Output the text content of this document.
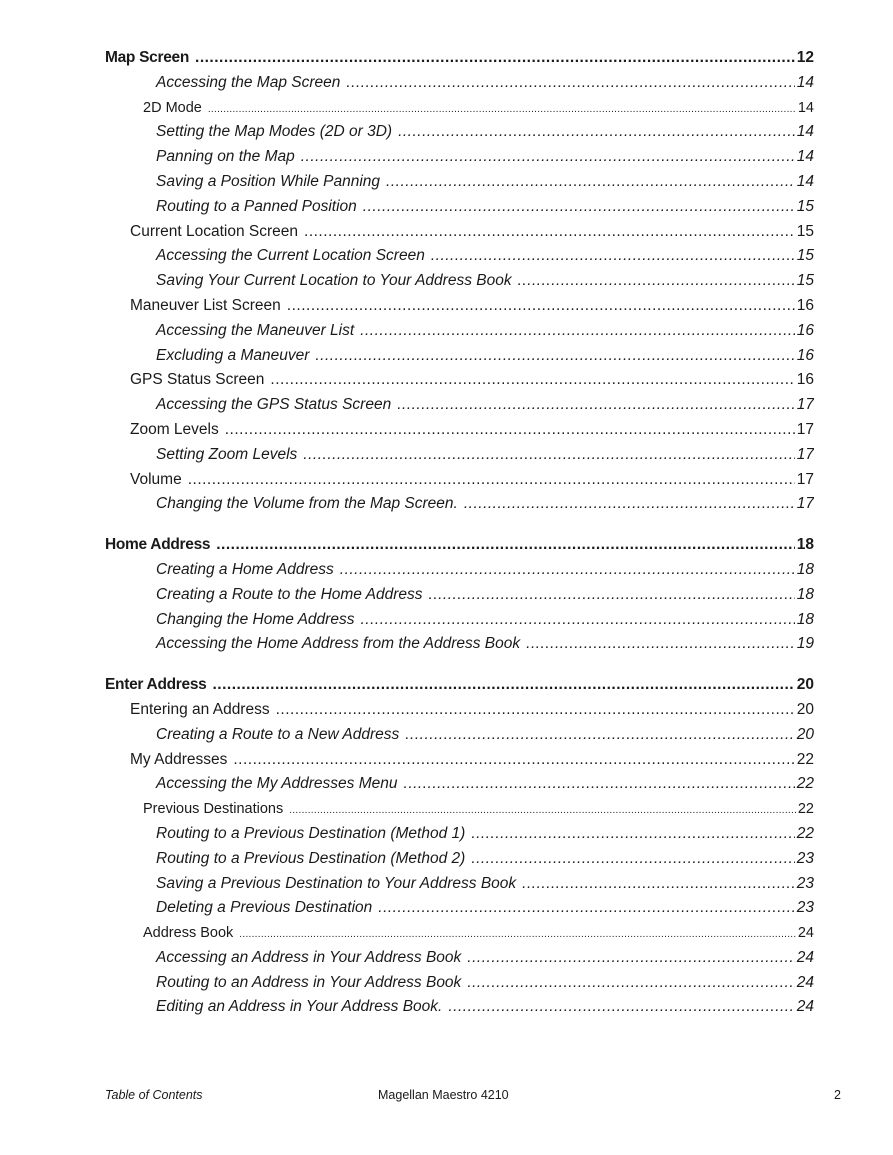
Map Screen .....	12
Accessing the Map Screen .....	14
2D Mode .....	14
Setting the Map Modes (2D or 3D) .....	14
Panning on the Map .....	14
Saving a Position While Panning .....	14
Routing to a Panned Position .....	15
Current Location Screen .....	15
Accessing the Current Location Screen .....	15
Saving Your Current Location to Your Address Book .....	15
Maneuver List Screen .....	16
Accessing the Maneuver List .....	16
Excluding a Maneuver .....	16
GPS Status Screen .....	16
Accessing the GPS Status Screen .....	17
Zoom Levels .....	17
Setting Zoom Levels .....	17
Volume .....	17
Changing the Volume from the Map Screen. .....	17
Home Address .....	18
Creating a Home Address .....	18
Creating a Route to the Home Address .....	18
Changing the Home Address .....	18
Accessing the Home Address from the Address Book .....	19
Enter Address .....	20
Entering an Address .....	20
Creating a Route to a New Address .....	20
My Addresses .....	22
Accessing the My Addresses Menu .....	22
Previous Destinations .....	22
Routing to a Previous Destination (Method 1) .....	22
Routing to a Previous Destination (Method 2) .....	23
Saving a Previous Destination to Your Address Book .....	23
Deleting a Previous Destination .....	23
Address Book .....	24
Accessing an Address in Your Address Book .....	24
Routing to an Address in Your Address Book .....	24
Editing an Address in Your Address Book. .....	24
Table of Contents	Magellan Maestro 4210	2
